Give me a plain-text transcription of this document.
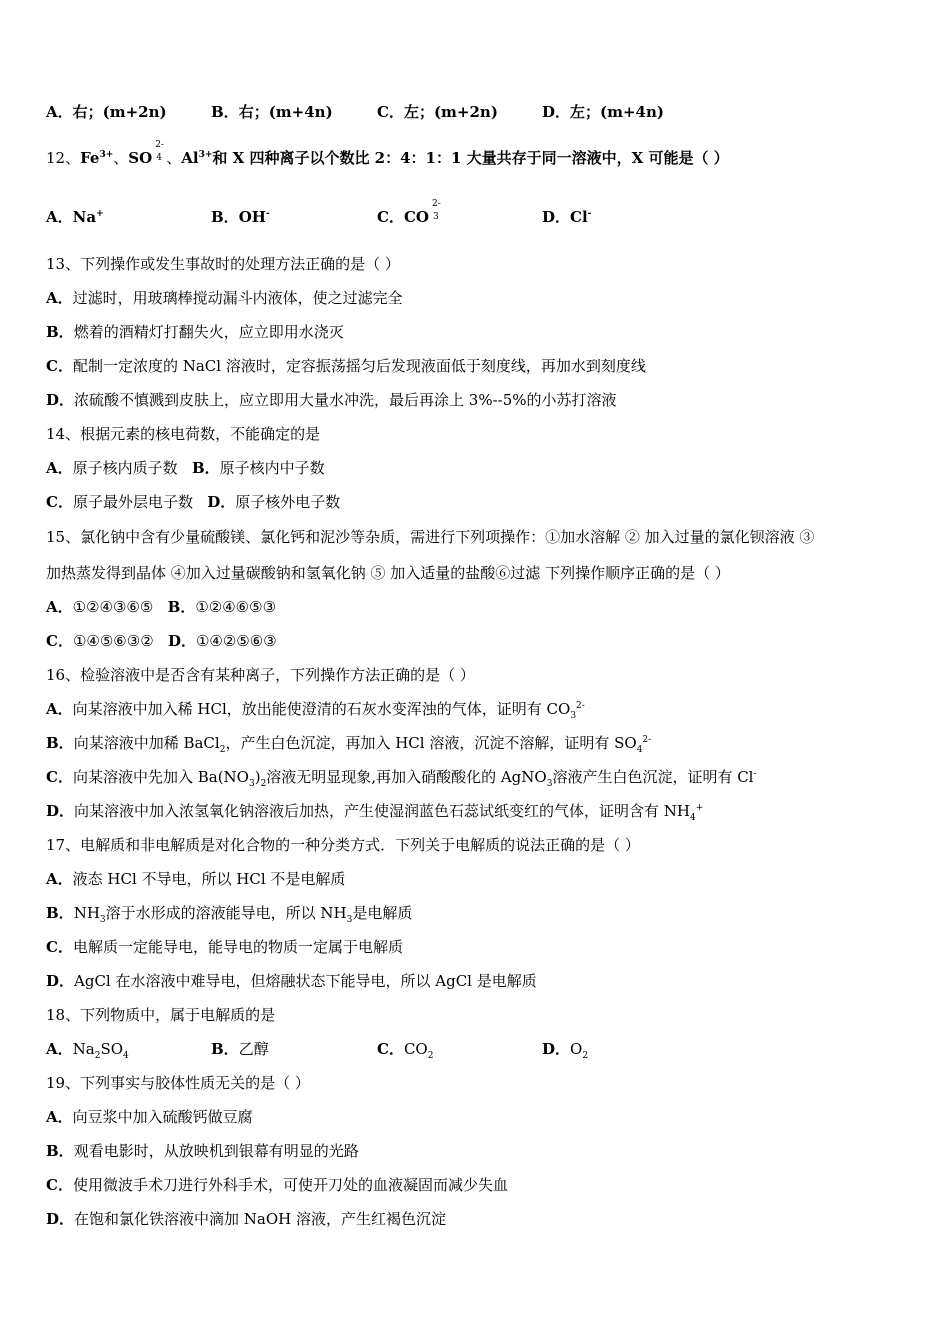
A．右；(m+2n)	B．右；(m+4n)	C．左；(m+2n)	D．左；(m+4n)
12、$Fe^{3+}$、SO
2-
4 、$Al^{3+}$和 X 四种离子以个数比 2：4：1：1 大量共存于同一溶液中，X 可能是（ ）
A．Na+	B．OH-	C．CO
2-
3	D．Cl-
13、下列操作或发生事故时的处理方法正确的是（ ）
A．过滤时，用玻璃棒搅动漏斗内液体，使之过滤完全
B．燃着的酒精灯打翻失火，应立即用水浇灭
C．配制一定浓度的 NaCl 溶液时，定容振荡摇匀后发现液面低于刻度线，再加水到刻度线
D．浓硫酸不慎溅到皮肤上，应立即用大量水冲洗，最后再涂上 3%--5%的小苏打溶液
14、根据元素的核电荷数，不能确定的是
A．原子核内质子数 B．原子核内中子数
C．原子最外层电子数 D．原子核外电子数
15、氯化钠中含有少量硫酸镁、氯化钙和泥沙等杂质，需进行下列项操作：①加水溶解 ② 加入过量的氯化钡溶液 ③
加热蒸发得到晶体 ④加入过量碳酸钠和氢氧化钠 ⑤ 加入适量的盐酸⑥过滤 下列操作顺序正确的是（ ）
A．①②④③⑥⑤ B．①②④⑥⑤③
C．①④⑤⑥③② D．①④②⑤⑥③
16、检验溶液中是否含有某种离子，下列操作方法正确的是（ ）
A．向某溶液中加入稀 HCl，放出能使澄清的石灰水变浑浊的气体，证明有 $CO_3^{2-}$
B．向某溶液中加稀 BaCl$_2$，产生白色沉淀，再加入 HCl 溶液，沉淀不溶解，证明有 $SO_4^{2-}$
C．向某溶液中先加入 $Ba(NO_3)_2$溶液无明显现象,再加入硝酸酸化的 AgNO$_3$溶液产生白色沉淀，证明有 Cl-
D．向某溶液中加入浓氢氧化钠溶液后加热，产生使湿润蓝色石蕊试纸变红的气体，证明含有 $NH_4^+$
17、电解质和非电解质是对化合物的一种分类方式．下列关于电解质的说法正确的是（ ）
A．液态 HCl 不导电，所以 HCl 不是电解质
B．$NH_3$溶于水形成的溶液能导电，所以 $NH_3$是电解质
C．电解质一定能导电，能导电的物质一定属于电解质
D．AgCl 在水溶液中难导电，但熔融状态下能导电，所以 AgCl 是电解质
18、下列物质中，属于电解质的是
A．$Na_2SO_4$	B．乙醇	C．$CO_2$	D．$O_2$
19、下列事实与胶体性质无关的是（ ）
A．向豆浆中加入硫酸钙做豆腐
B．观看电影时，从放映机到银幕有明显的光路
C．使用微波手术刀进行外科手术，可使开刀处的血液凝固而减少失血
D．在饱和氯化铁溶液中滴加 NaOH 溶液，产生红褐色沉淀
